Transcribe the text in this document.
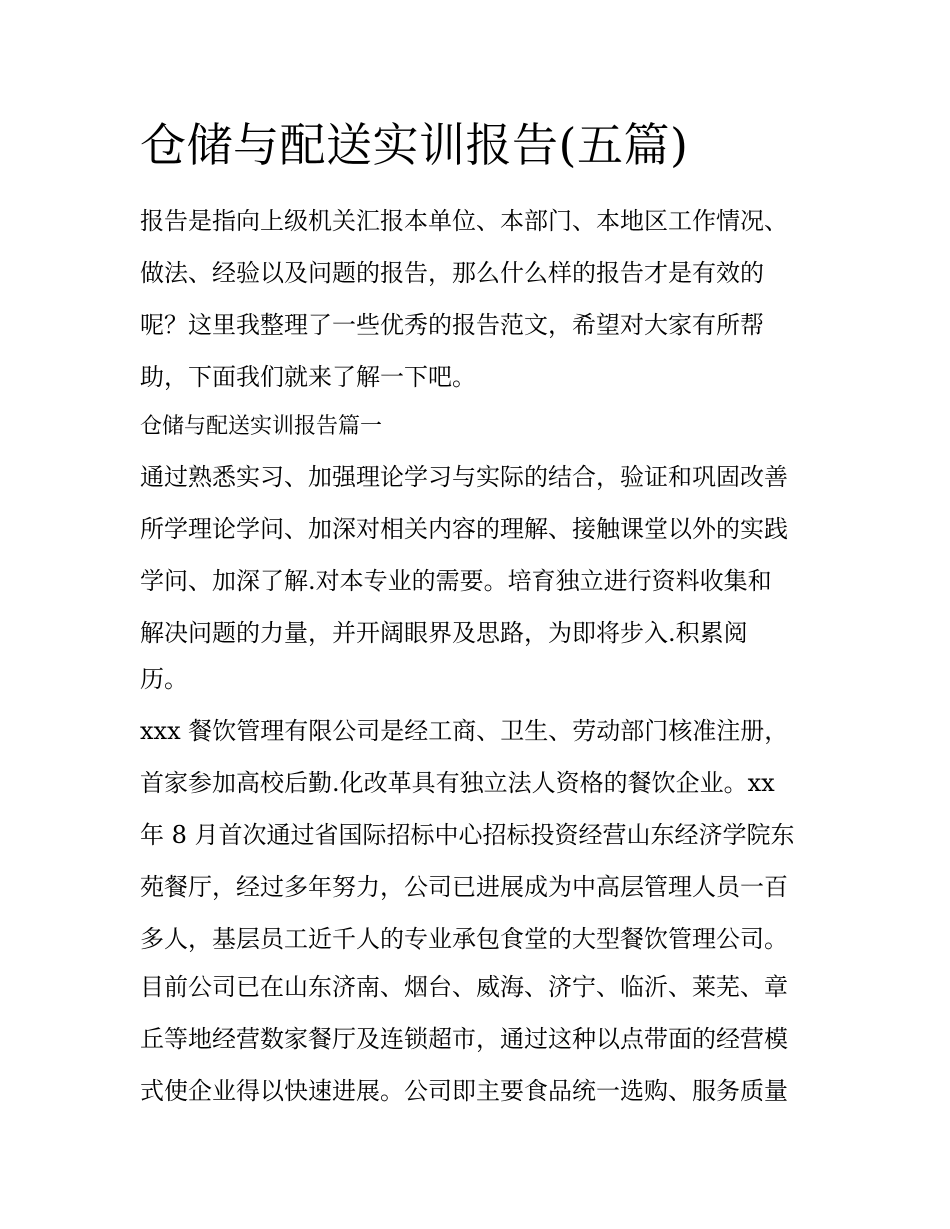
仓储与配送实训报告(五篇)
报告是指向上级机关汇报本单位、本部门、本地区工作情况、
做法、经验以及问题的报告，那么什么样的报告才是有效的
呢？这里我整理了一些优秀的报告范文，希望对大家有所帮
助，下面我们就来了解一下吧。
仓储与配送实训报告篇一
通过熟悉实习、加强理论学习与实际的结合，验证和巩固改善
所学理论学问、加深对相关内容的理解、接触课堂以外的实践
学问、加深了解.对本专业的需要。培育独立进行资料收集和
解决问题的力量，并开阔眼界及思路，为即将步入.积累阅
历。
xxx 餐饮管理有限公司是经工商、卫生、劳动部门核准注册，
首家参加高校后勤.化改革具有独立法人资格的餐饮企业。xx
年 8 月首次通过省国际招标中心招标投资经营山东经济学院东
苑餐厅，经过多年努力，公司已进展成为中高层管理人员一百
多人，基层员工近千人的专业承包食堂的大型餐饮管理公司。
目前公司已在山东济南、烟台、威海、济宁、临沂、莱芜、章
丘等地经营数家餐厅及连锁超市，通过这种以点带面的经营模
式使企业得以快速进展。公司即主要食品统一选购、服务质量
